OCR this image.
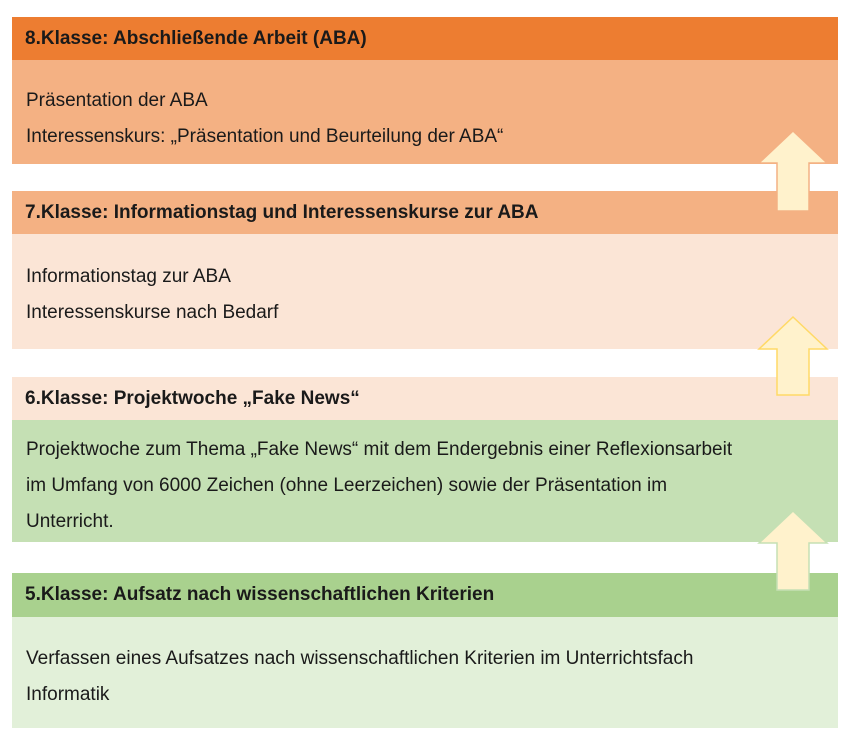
8.Klasse: Abschließende Arbeit (ABA)
Präsentation der ABA
Interessenskurs: „Präsentation und Beurteilung der ABA“
7.Klasse: Informationstag und Interessenskurse zur ABA
Informationstag zur ABA
Interessenskurse nach Bedarf
6.Klasse: Projektwoche „Fake News“
Projektwoche zum Thema „Fake News“ mit dem Endergebnis einer Reflexionsarbeit
im Umfang von 6000 Zeichen (ohne Leerzeichen) sowie der Präsentation im
Unterricht.
5.Klasse: Aufsatz nach wissenschaftlichen Kriterien
Verfassen eines Aufsatzes nach wissenschaftlichen Kriterien im Unterrichtsfach
Informatik
